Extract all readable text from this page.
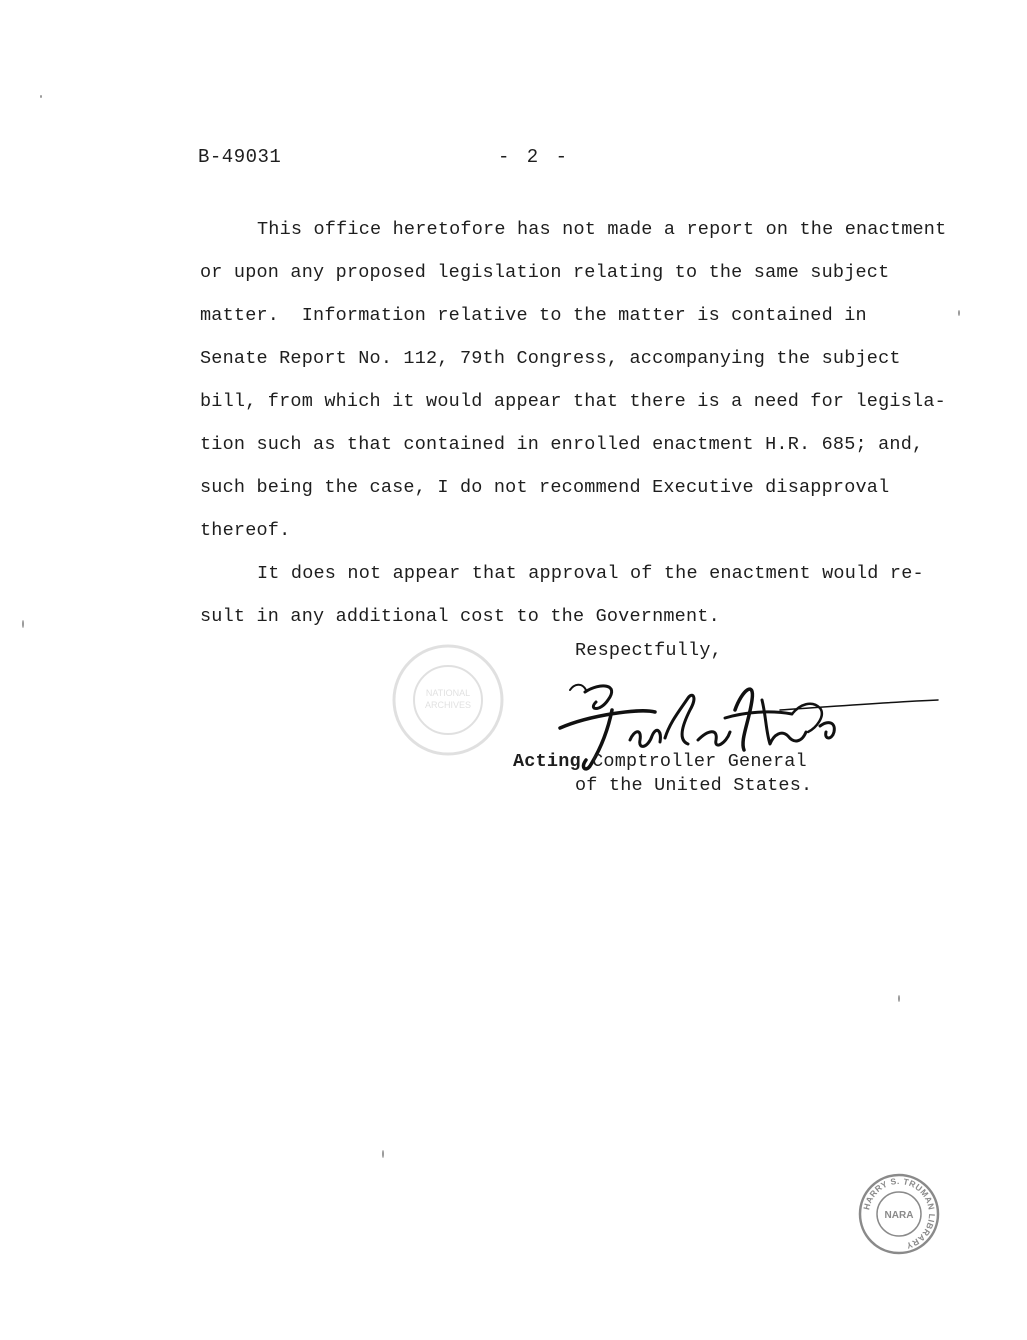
B-49031	- 2 -
This office heretofore has not made a report on the enactment
or upon any proposed legislation relating to the same subject
matter.  Information relative to the matter is contained in
Senate Report No. 112, 79th Congress, accompanying the subject
bill, from which it would appear that there is a need for legisla-
tion such as that contained in enrolled enactment H.R. 685; and,
such being the case, I do not recommend Executive disapproval
thereof.
It does not appear that approval of the enactment would re-
sult in any additional cost to the Government.
NATIONAL
ARCHIVES
Respectfully,
Acting Comptroller General
of the United States.
HARRY S. TRUMAN LIBRARY
NARA
